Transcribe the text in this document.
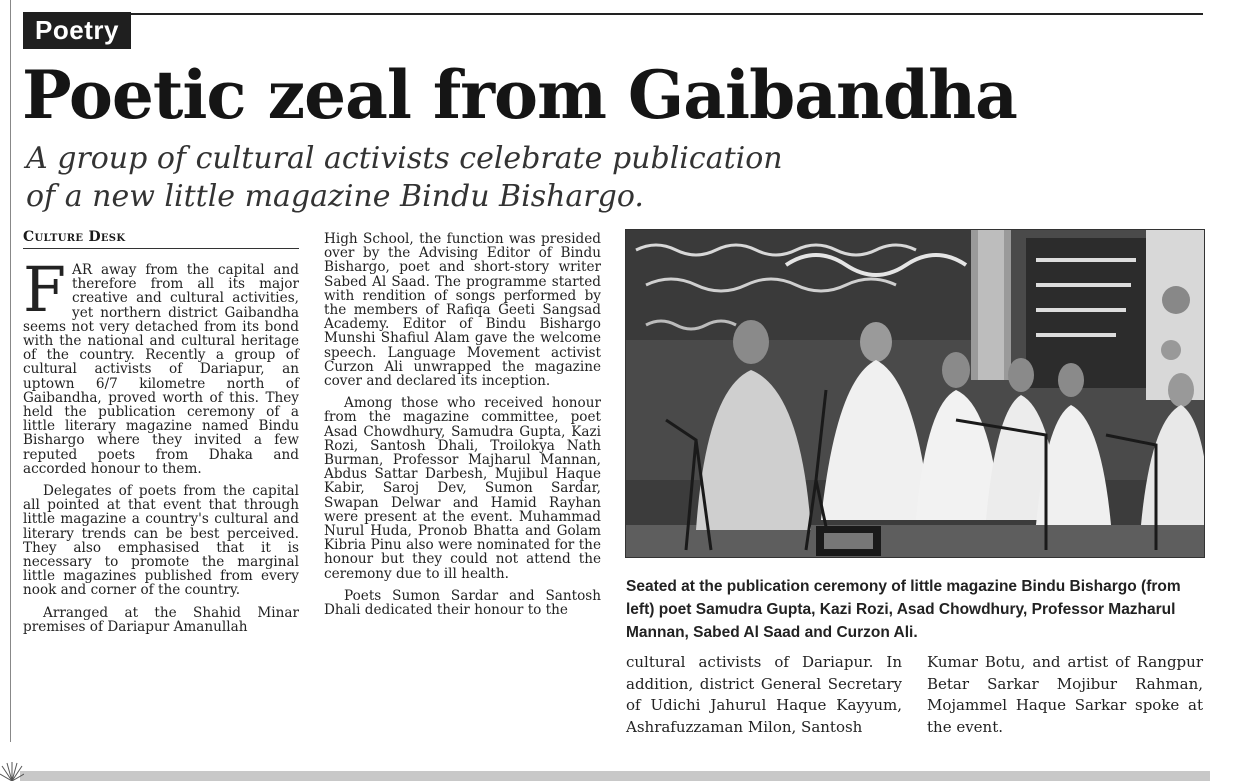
Poetry
Poetic zeal from Gaibandha

A group of cultural activists celebrate publication of a new little magazine Bindu Bishargo.

Culture Desk

FAR away from the capital and therefore from all its major creative and cultural activities, yet northern district Gaibandha seems not very detached from its bond with the national and cultural heritage of the country. Recently a group of cultural activists of Dariapur, an uptown 6/7 kilometre north of Gaibandha, proved worth of this. They held the publication ceremony of a little literary magazine named Bindu Bishargo where they invited a few reputed poets from Dhaka and accorded honour to them.

Delegates of poets from the capital all pointed at that event that through little magazine a country's cultural and literary trends can be best perceived. They also emphasised that it is necessary to promote the marginal little magazines published from every nook and corner of the country.

Arranged at the Shahid Minar premises of Dariapur Amanullah

High School, the function was presided over by the Advising Editor of Bindu Bishargo, poet and short-story writer Sabed Al Saad. The programme started with rendition of songs performed by the members of Rafiqa Geeti Sangsad Academy. Editor of Bindu Bishargo Munshi Shafiul Alam gave the welcome speech. Language Movement activist Curzon Ali unwrapped the magazine cover and declared its inception.

Among those who received honour from the magazine committee, poet Asad Chowdhury, Samudra Gupta, Kazi Rozi, Santosh Dhali, Troilokya Nath Burman, Professor Majharul Mannan, Abdus Sattar Darbesh, Mujibul Haque Kabir, Saroj Dev, Sumon Sardar, Swapan Delwar and Hamid Rayhan were present at the event. Muhammad Nurul Huda, Pronob Bhatta and Golam Kibria Pinu also were nominated for the honour but they could not attend the ceremony due to ill health.

Poets Sumon Sardar and Santosh Dhali dedicated their honour to the

Seated at the publication ceremony of little magazine Bindu Bishargo (from left) poet Samudra Gupta, Kazi Rozi, Asad Chowdhury, Professor Mazharul Mannan, Sabed Al Saad and Curzon Ali.

cultural activists of Dariapur. In addition, district General Secretary of Udichi Jahurul Haque Kayyum, Ashrafuzzaman Milon, Santosh

Kumar Botu, and artist of Rangpur Betar Sarkar Mojibur Rahman, Mojammel Haque Sarkar spoke at the event.
